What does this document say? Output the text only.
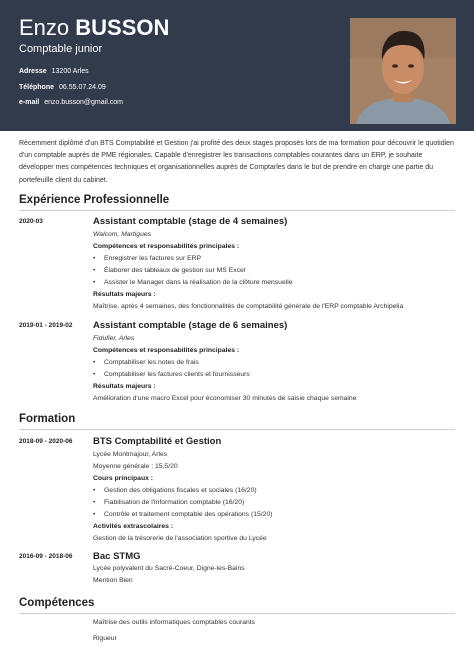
Enzo BUSSON
Comptable junior
Adresse 13200 Arles
Téléphone 06.55.07.24.09
e-mail enzo.busson@gmail.com
Récemment diplômé d'un BTS Comptabilité et Gestion j'ai profité des deux stages proposés lors de ma formation pour découvrir le quotidien d'un comptable auprès de PME régionales. Capable d'enregistrer les transactions comptables courantes dans un ERP, je souhaite développer mes compétences techniques et organisationnelles auprès de Comptarles dans le but de prendre en charge une partie du portefeuille client du cabinet.
Expérience Professionnelle
2020-03	Assistant comptable (stage de 4 semaines)
Walcom, Martigues
Compétences et responsabilités principales :
• Enregistrer les factures sur ERP
• Élaborer des tableaux de gestion sur MS Excel
• Assister le Manager dans la réalisation de la clôture mensuelle
Résultats majeurs :
Maîtrise, après 4 semaines, des fonctionnalités de comptabilité générale de l'ERP comptable Archipelia
2019-01 - 2019-02 Assistant comptable (stage de 6 semaines)
Fidufier, Arles
Compétences et responsabilités principales :
• Comptabiliser les notes de frais
• Comptabiliser les factures clients et fournisseurs
Résultats majeurs :
Amélioration d'une macro Excel pour économiser 30 minutes de saisie chaque semaine
Formation
2018-09 - 2020-06 BTS Comptabilité et Gestion
Lycée Montmajour, Arles
Moyenne générale : 15,5/20
Cours principaux :
• Gestion des obligations fiscales et sociales (16/20)
• Fiabilisation de l'information comptable (16/20)
• Contrôle et traitement comptable des opérations (15/20)
Activités extrascolaires :
Gestion de la trésorerie de l'association sportive du Lycée
2016-09 - 2018-06 Bac STMG
Lycée polyvalent du Sacré-Coeur, Digne-les-Bains
Mention Bien
Compétences
Maîtrise des outils informatiques comptables courants
Rigueur
